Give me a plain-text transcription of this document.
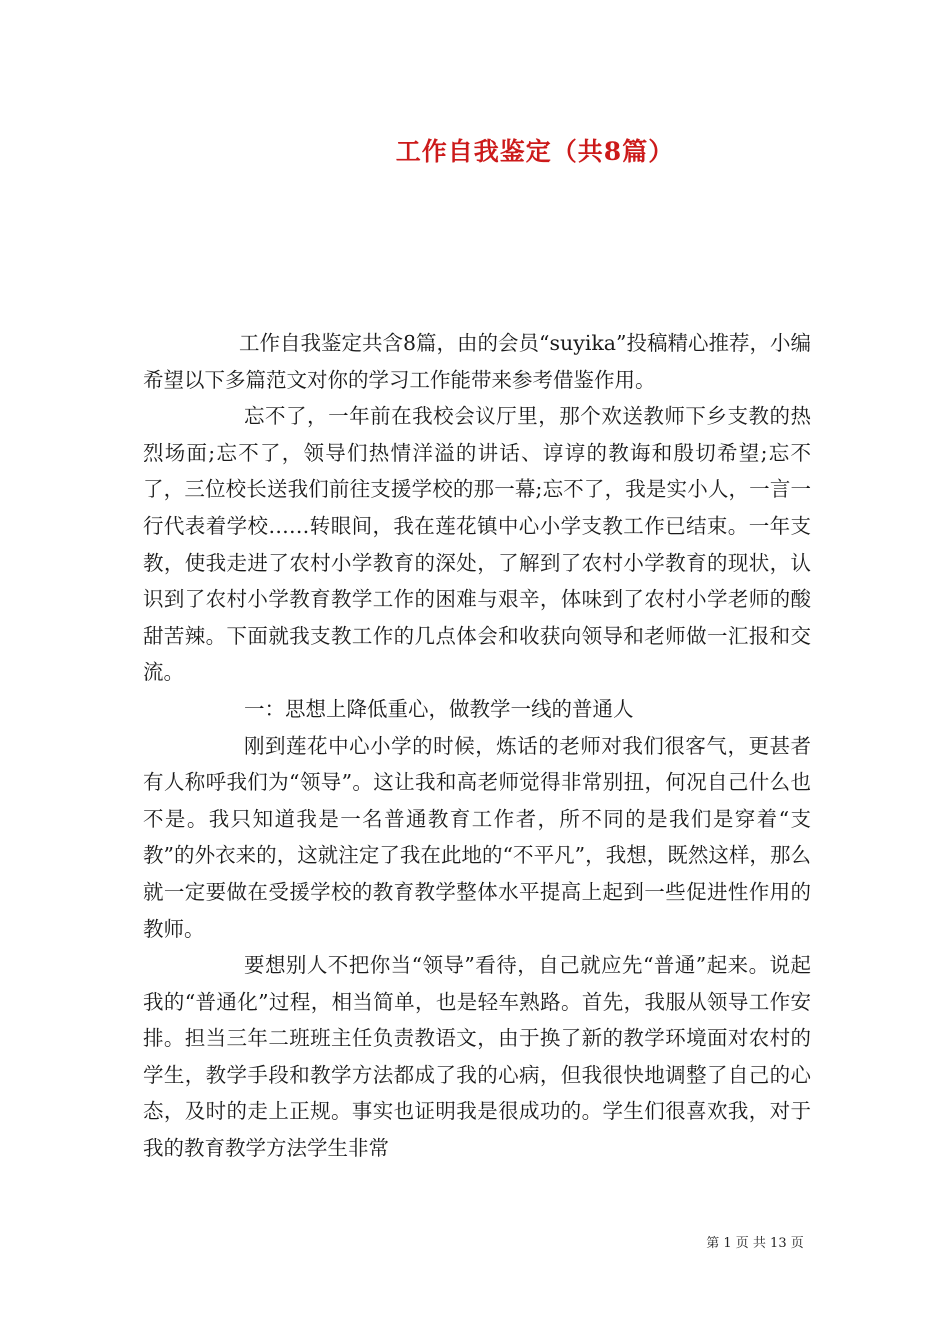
工作自我鉴定（共8篇）

工作自我鉴定共含8篇，由的会员“suyika”投稿精心推荐，小编希望以下多篇范文对你的学习工作能带来参考借鉴作用。

忘不了，一年前在我校会议厅里，那个欢送教师下乡支教的热烈场面;忘不了，领导们热情洋溢的讲话、谆谆的教诲和殷切希望;忘不了，三位校长送我们前往支援学校的那一幕;忘不了，我是实小人，一言一行代表着学校……转眼间，我在莲花镇中心小学支教工作已结束。一年支教，使我走进了农村小学教育的深处，了解到了农村小学教育的现状，认识到了农村小学教育教学工作的困难与艰辛，体味到了农村小学老师的酸甜苦辣。下面就我支教工作的几点体会和收获向领导和老师做一汇报和交流。

一：思想上降低重心，做教学一线的普通人

刚到莲花中心小学的时候，炼话的老师对我们很客气，更甚者有人称呼我们为“领导”。这让我和高老师觉得非常别扭，何况自己什么也不是。我只知道我是一名普通教育工作者，所不同的是我们是穿着“支教”的外衣来的，这就注定了我在此地的“不平凡”，我想，既然这样，那么就一定要做在受援学校的教育教学整体水平提高上起到一些促进性作用的教师。

要想别人不把你当“领导”看待，自己就应先“普通”起来。说起我的“普通化”过程，相当简单，也是轻车熟路。首先，我服从领导工作安排。担当三年二班班主任负责教语文，由于换了新的教学环境面对农村的学生，教学手段和教学方法都成了我的心病，但我很快地调整了自己的心态，及时的走上正规。事实也证明我是很成功的。学生们很喜欢我，对于我的教育教学方法学生非常

第 1 页 共 13 页
